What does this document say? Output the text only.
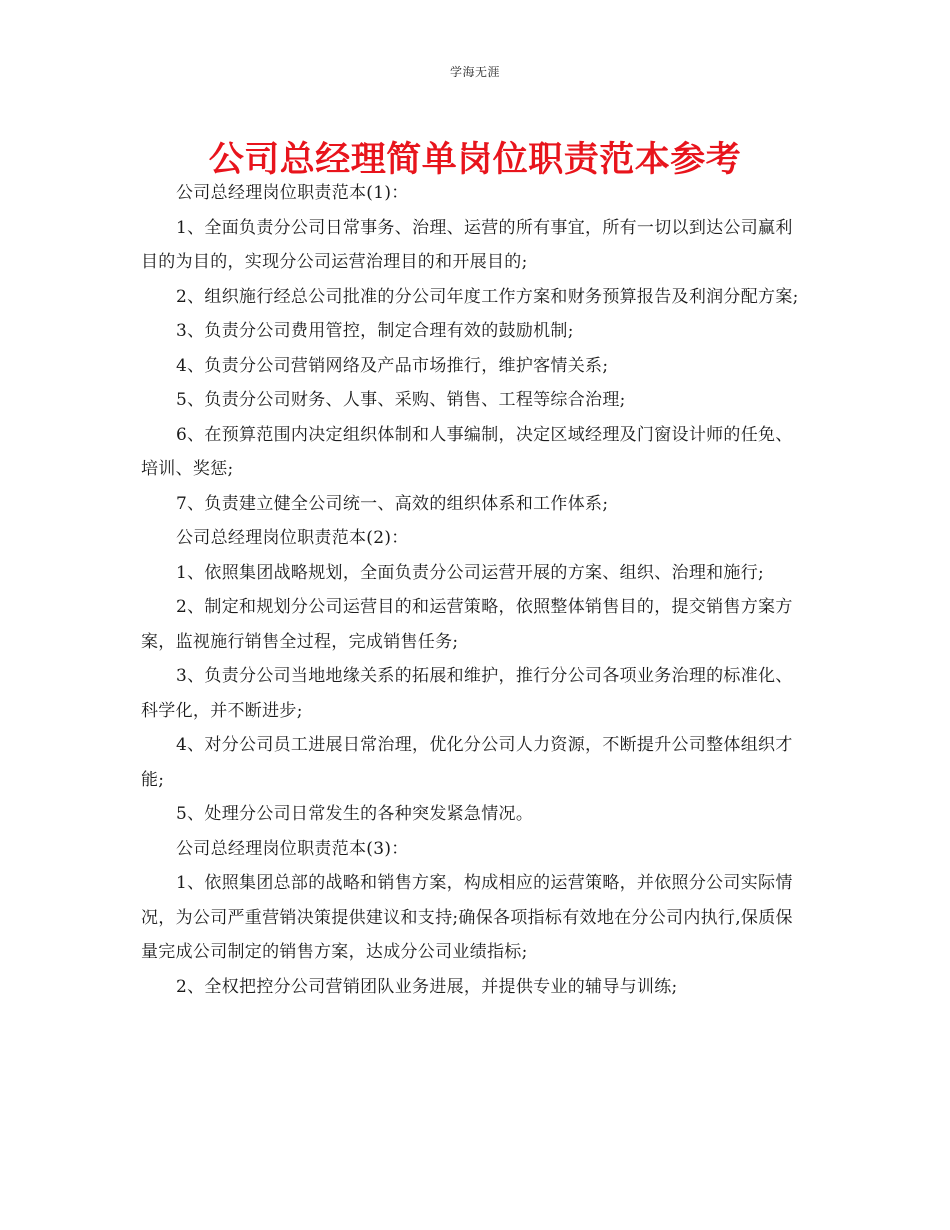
学海无涯
公司总经理简单岗位职责范本参考

公司总经理岗位职责范本(1)：

1、全面负责分公司日常事务、治理、运营的所有事宜，所有一切以到达公司赢利目的为目的，实现分公司运营治理目的和开展目的;

2、组织施行经总公司批准的分公司年度工作方案和财务预算报告及利润分配方案;

3、负责分公司费用管控，制定合理有效的鼓励机制;

4、负责分公司营销网络及产品市场推行，维护客情关系;

5、负责分公司财务、人事、采购、销售、工程等综合治理;

6、在预算范围内决定组织体制和人事编制，决定区域经理及门窗设计师的任免、培训、奖惩;

7、负责建立健全公司统一、高效的组织体系和工作体系;

公司总经理岗位职责范本(2)：

1、依照集团战略规划，全面负责分公司运营开展的方案、组织、治理和施行;

2、制定和规划分公司运营目的和运营策略，依照整体销售目的，提交销售方案方案，监视施行销售全过程，完成销售任务;

3、负责分公司当地地缘关系的拓展和维护，推行分公司各项业务治理的标准化、科学化，并不断进步;

4、对分公司员工进展日常治理，优化分公司人力资源，不断提升公司整体组织才能;

5、处理分公司日常发生的各种突发紧急情况。

公司总经理岗位职责范本(3)：

1、依照集团总部的战略和销售方案，构成相应的运营策略，并依照分公司实际情况，为公司严重营销决策提供建议和支持;确保各项指标有效地在分公司内执行,保质保量完成公司制定的销售方案，达成分公司业绩指标;

2、全权把控分公司营销团队业务进展，并提供专业的辅导与训练;
